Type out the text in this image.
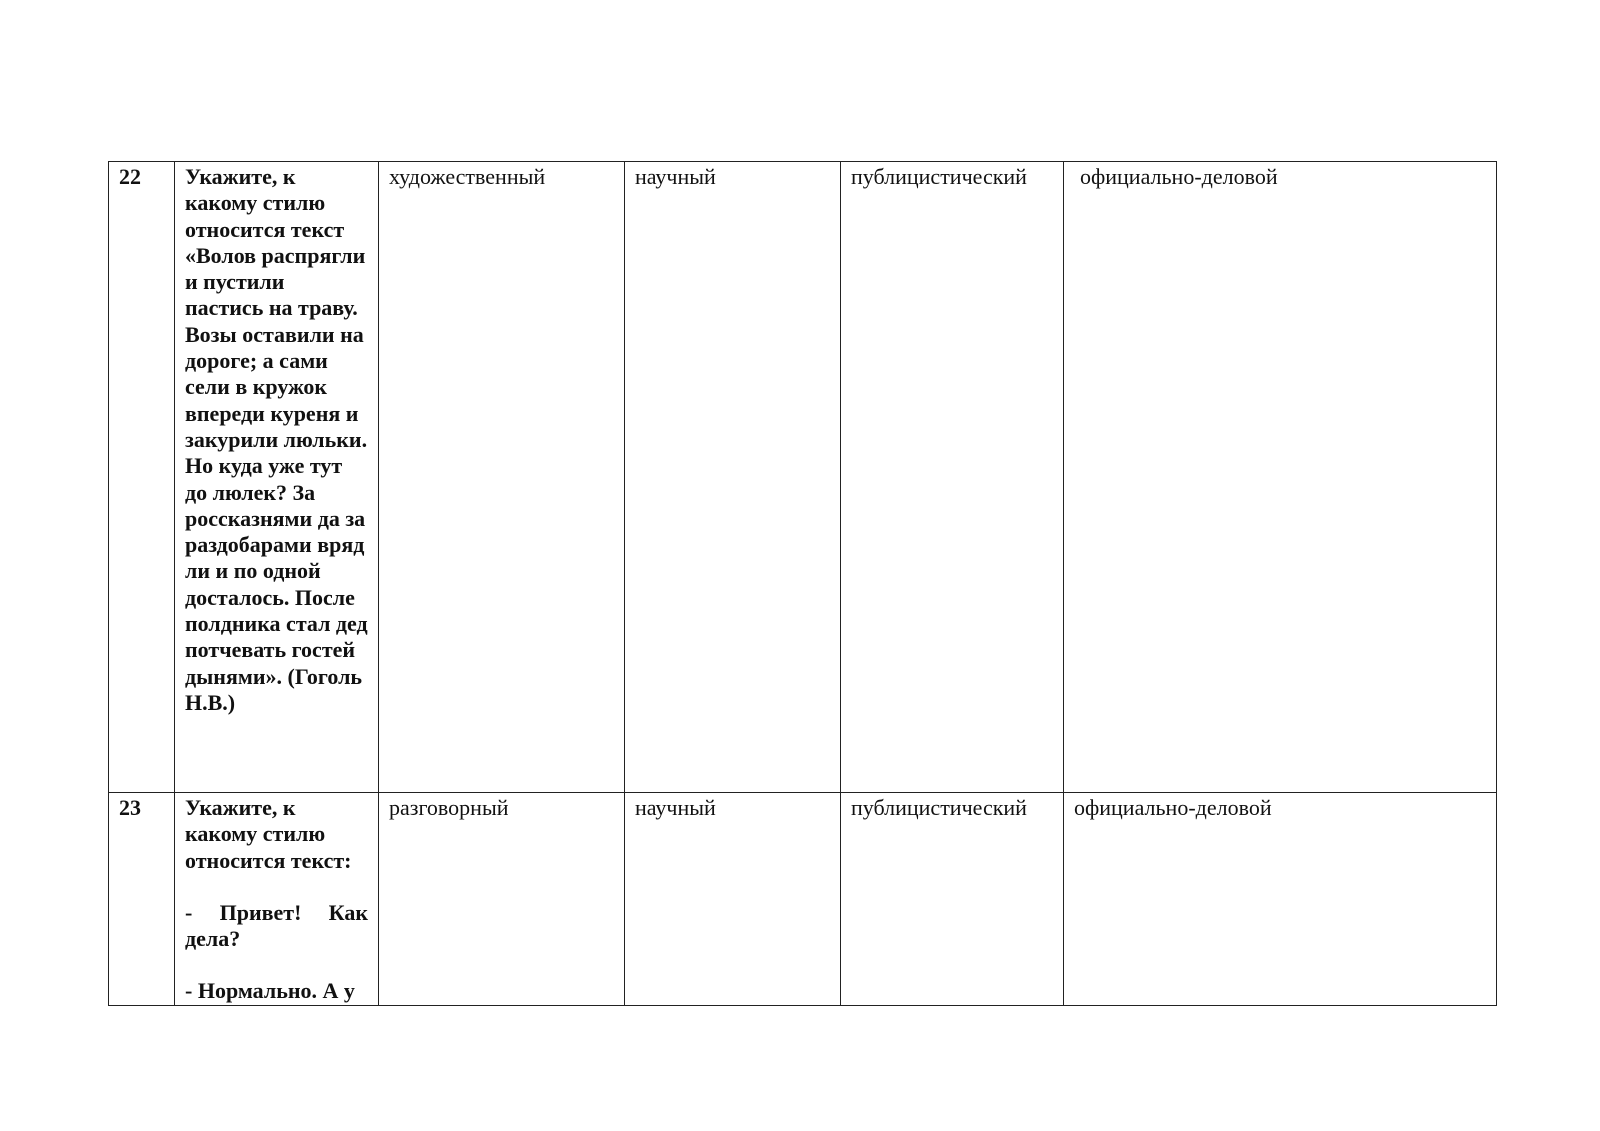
22	Укажите, к какому стилю относится текст «Волов распрягли и пустили пастись на траву. Возы оставили на дороге; а сами сели в кружок впереди куреня и закурили люльки. Но куда уже тут до люлек? За россказнями да за раздобарами вряд ли и по одной досталось. После полдника стал дед потчевать гостей дынями». (Гоголь Н.В.)	художественный	научный	публицистический	официально-деловой

23	Укажите, к какому стилю относится текст:

- Привет! Как дела?

- Нормально. А у	разговорный	научный	публицистический	официально-деловой
